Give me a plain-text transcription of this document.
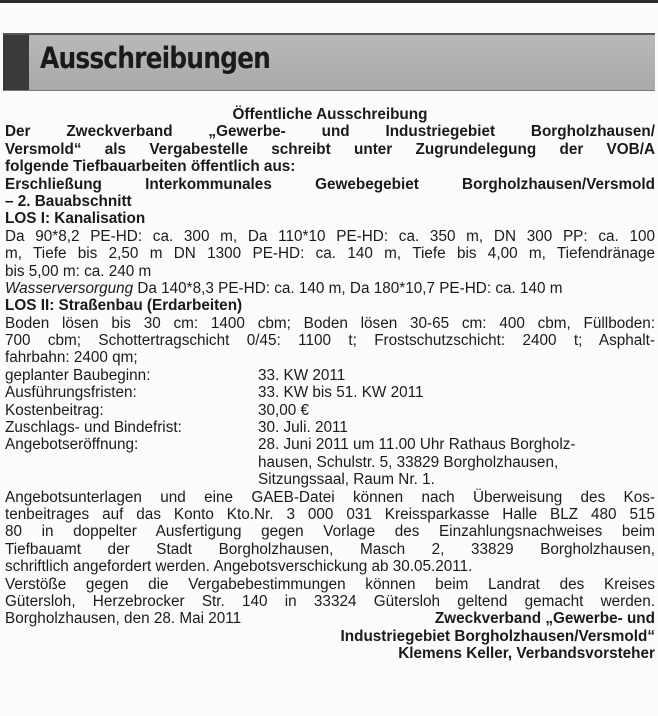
Ausschreibungen
Öffentliche Ausschreibung
Der Zweckverband „Gewerbe- und Industriegebiet Borgholzhausen/
Versmold“ als Vergabestelle schreibt unter Zugrundelegung der VOB/A
folgende Tiefbauarbeiten öffentlich aus:
Erschließung Interkommunales Gewebegebiet Borgholzhausen/Versmold
– 2. Bauabschnitt
LOS I: Kanalisation
Da 90*8,2 PE-HD: ca. 300 m, Da 110*10 PE-HD: ca. 350 m, DN 300 PP: ca. 100
m, Tiefe bis 2,50 m DN 1300 PE-HD: ca. 140 m, Tiefe bis 4,00 m, Tiefendränage
bis 5,00 m: ca. 240 m
Wasserversorgung Da 140*8,3 PE-HD: ca. 140 m, Da 180*10,7 PE-HD: ca. 140 m
LOS II: Straßenbau (Erdarbeiten)
Boden lösen bis 30 cm: 1400 cbm; Boden lösen 30-65 cm: 400 cbm, Füllboden:
700 cbm; Schottertragschicht 0/45: 1100 t; Frostschutzschicht: 2400 t; Asphalt-
fahrbahn: 2400 qm;
geplanter Baubeginn:	33. KW 2011
Ausführungsfristen:	33. KW bis 51. KW 2011
Kostenbeitrag:	30,00 €
Zuschlags- und Bindefrist:	30. Juli. 2011
Angebotseröffnung:	28. Juni 2011 um 11.00 Uhr Rathaus Borgholz-
hausen, Schulstr. 5, 33829 Borgholzhausen,
Sitzungssaal, Raum Nr. 1.
Angebotsunterlagen und eine GAEB-Datei können nach Überweisung des Kos-
tenbeitrages auf das Konto Kto.Nr. 3 000 031 Kreissparkasse Halle BLZ 480 515
80 in doppelter Ausfertigung gegen Vorlage des Einzahlungsnachweises beim
Tiefbauamt der Stadt Borgholzhausen, Masch 2, 33829 Borgholzhausen,
schriftlich angefordert werden. Angebotsverschickung ab 30.05.2011.
Verstöße gegen die Vergabebestimmungen können beim Landrat des Kreises
Gütersloh, Herzebrocker Str. 140 in 33324 Gütersloh geltend gemacht werden.
Borgholzhausen, den 28. Mai 2011	Zweckverband „Gewerbe- und
Industriegebiet Borgholzhausen/Versmold“
Klemens Keller, Verbandsvorsteher
